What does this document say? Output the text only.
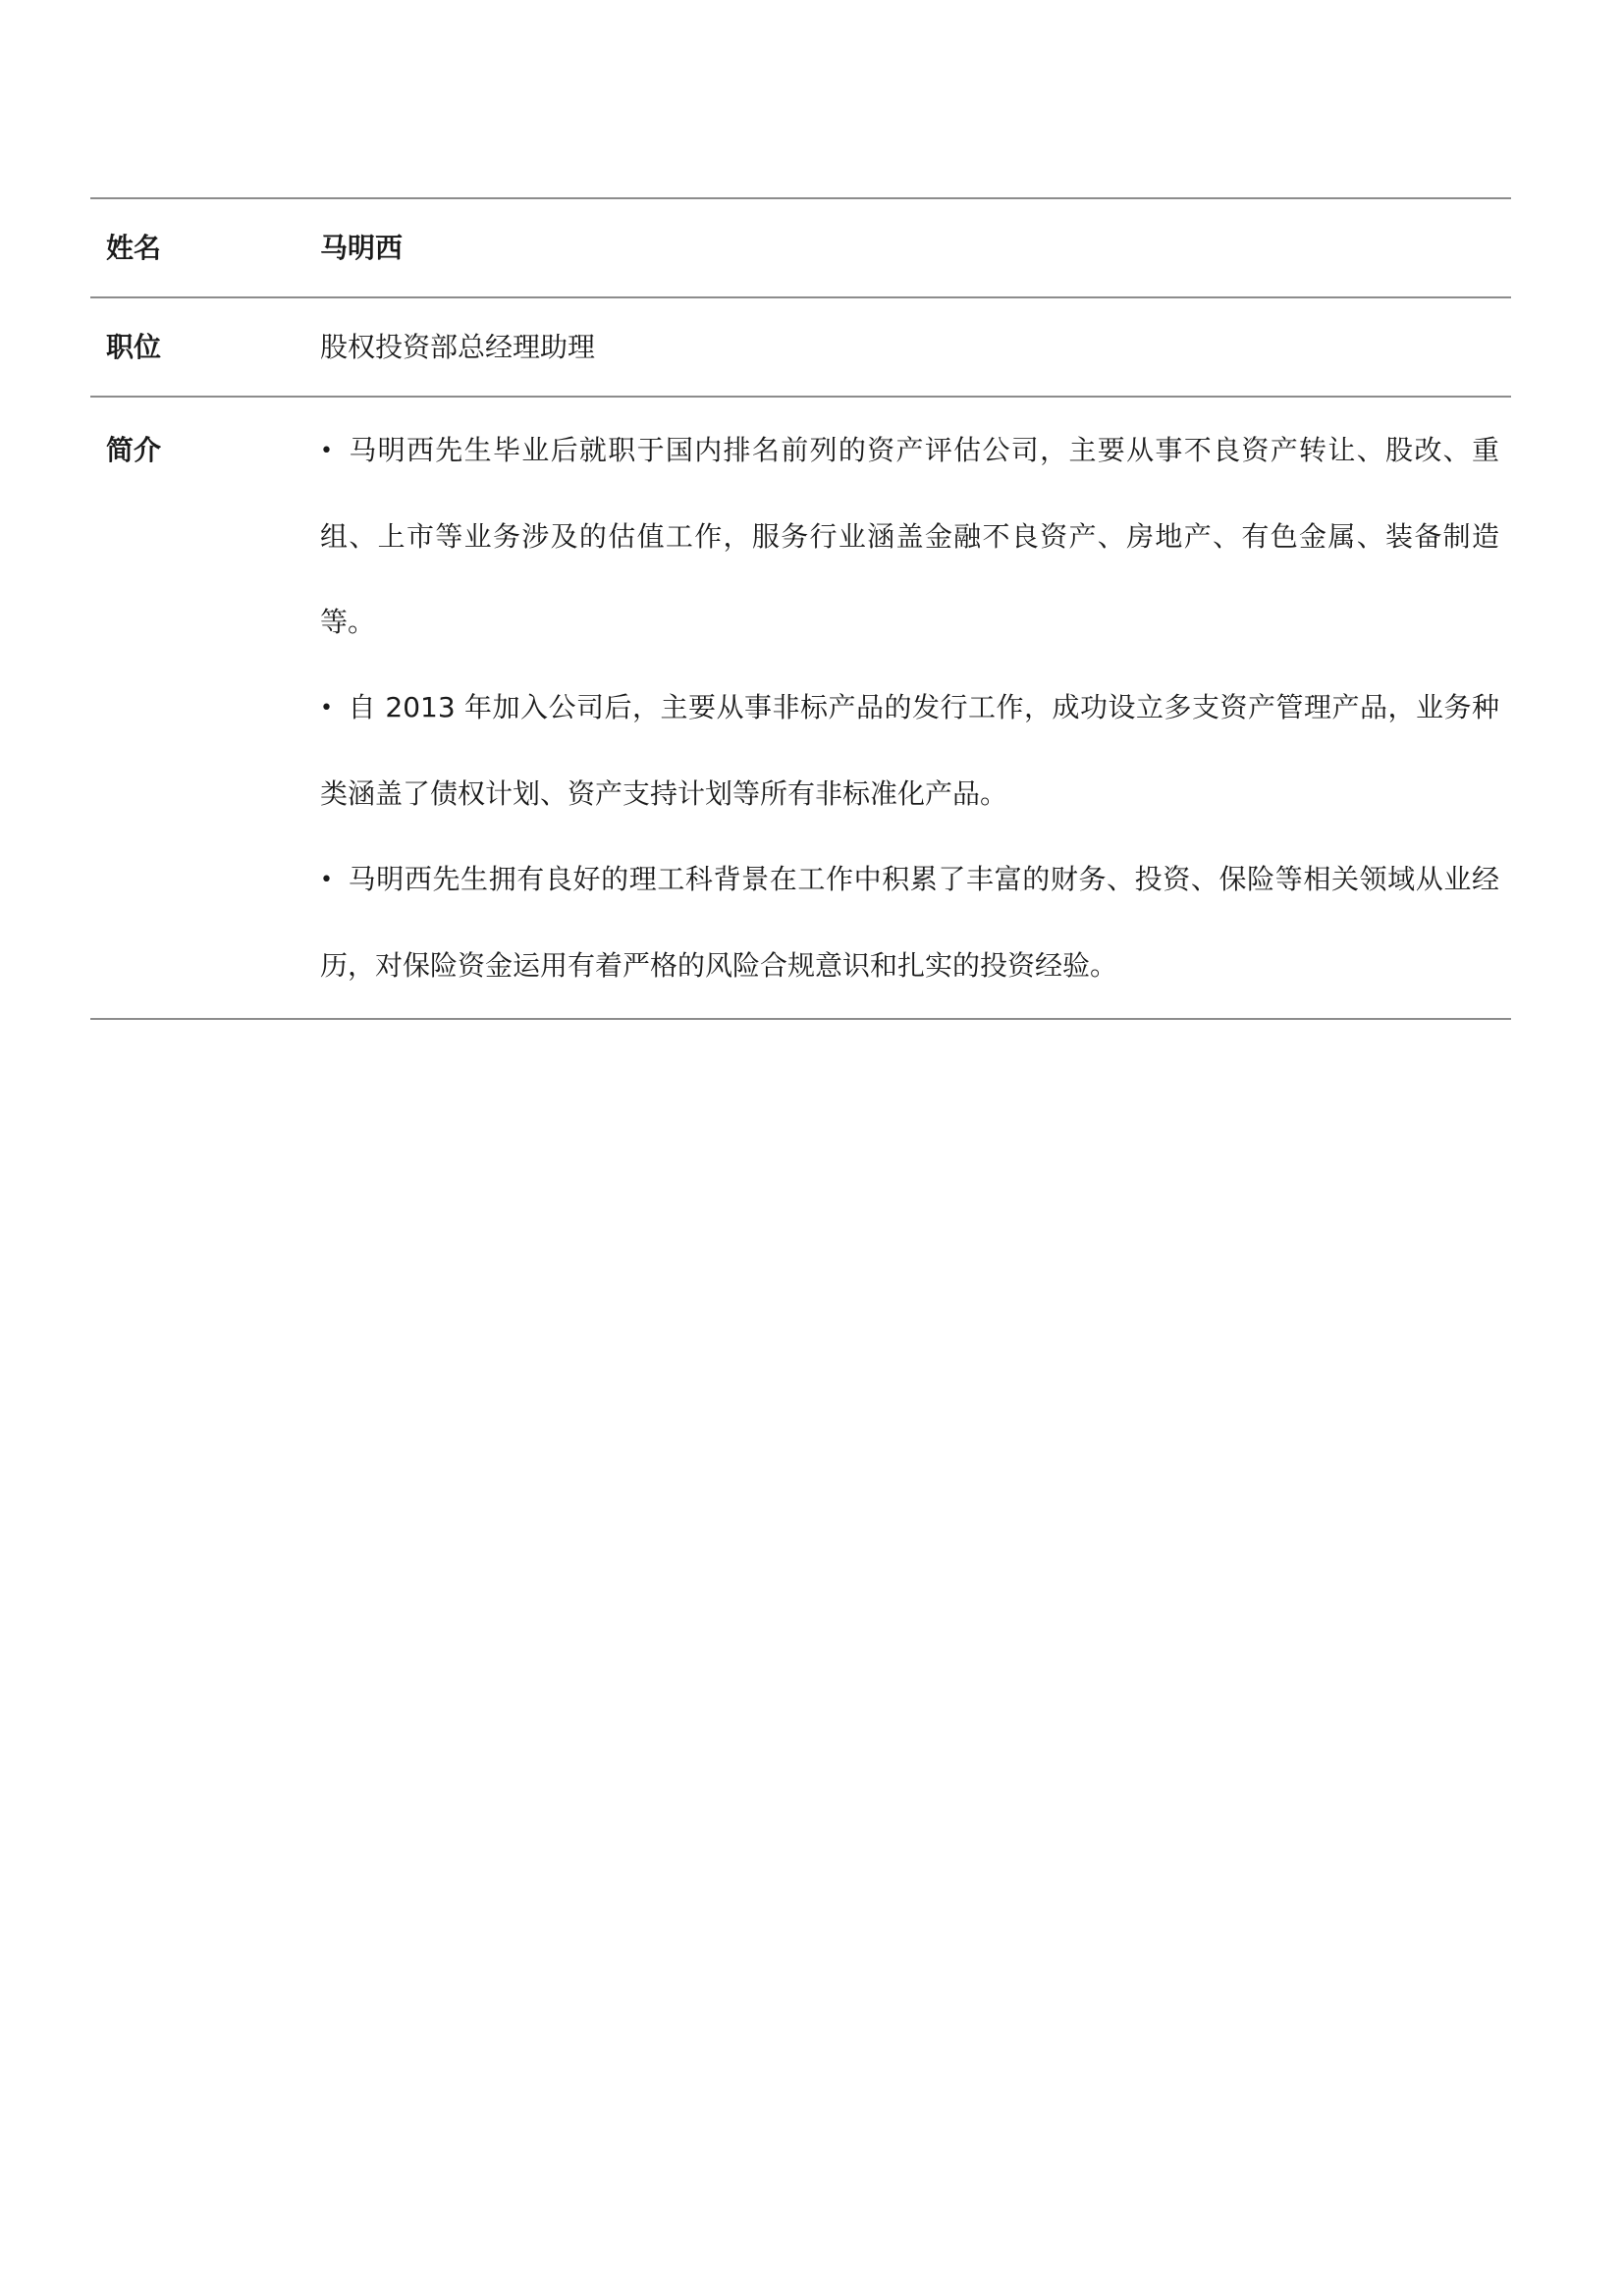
姓名	马明西
职位	股权投资部总经理助理
简介	• 马明西先生毕业后就职于国内排名前列的资产评估公司，主要从事不良资产转让、股改、重组、上市等业务涉及的估值工作，服务行业涵盖金融不良资产、房地产、有色金属、装备制造等。
• 自 2013 年加入公司后，主要从事非标产品的发行工作，成功设立多支资产管理产品，业务种类涵盖了债权计划、资产支持计划等所有非标准化产品。
• 马明西先生拥有良好的理工科背景在工作中积累了丰富的财务、投资、保险等相关领域从业经历，对保险资金运用有着严格的风险合规意识和扎实的投资经验。
